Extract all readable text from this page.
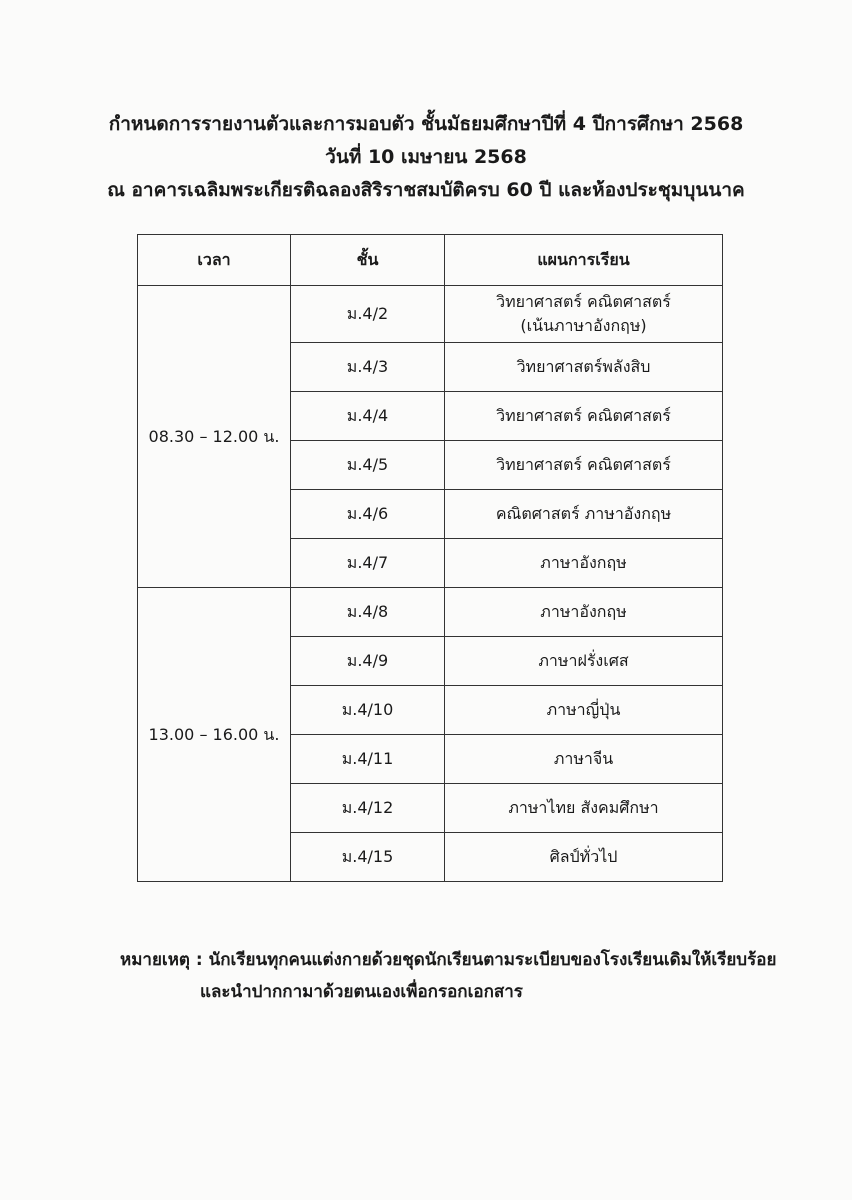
กำหนดการรายงานตัวและการมอบตัว ชั้นมัธยมศึกษาปีที่ 4 ปีการศึกษา 2568
วันที่ 10 เมษายน 2568
ณ อาคารเฉลิมพระเกียรติฉลองสิริราชสมบัติครบ 60 ปี และห้องประชุมบุนนาค
เวลา	ชั้น	แผนการเรียน
08.30 – 12.00 น.	ม.4/2	วิทยาศาสตร์ คณิตศาสตร์
(เน้นภาษาอังกฤษ)

	ม.4/3	วิทยาศาสตร์พลังสิบ
	ม.4/4	วิทยาศาสตร์ คณิตศาสตร์
	ม.4/5	วิทยาศาสตร์ คณิตศาสตร์
	ม.4/6	คณิตศาสตร์ ภาษาอังกฤษ
	ม.4/7	ภาษาอังกฤษ
13.00 – 16.00 น.	ม.4/8	ภาษาอังกฤษ
	ม.4/9	ภาษาฝรั่งเศส
	ม.4/10	ภาษาญี่ปุ่น
	ม.4/11	ภาษาจีน
	ม.4/12	ภาษาไทย สังคมศึกษา
	ม.4/15	ศิลป์ทั่วไป
หมายเหตุ : นักเรียนทุกคนแต่งกายด้วยชุดนักเรียนตามระเบียบของโรงเรียนเดิมให้เรียบร้อย
และนำปากกามาด้วยตนเองเพื่อกรอกเอกสาร
